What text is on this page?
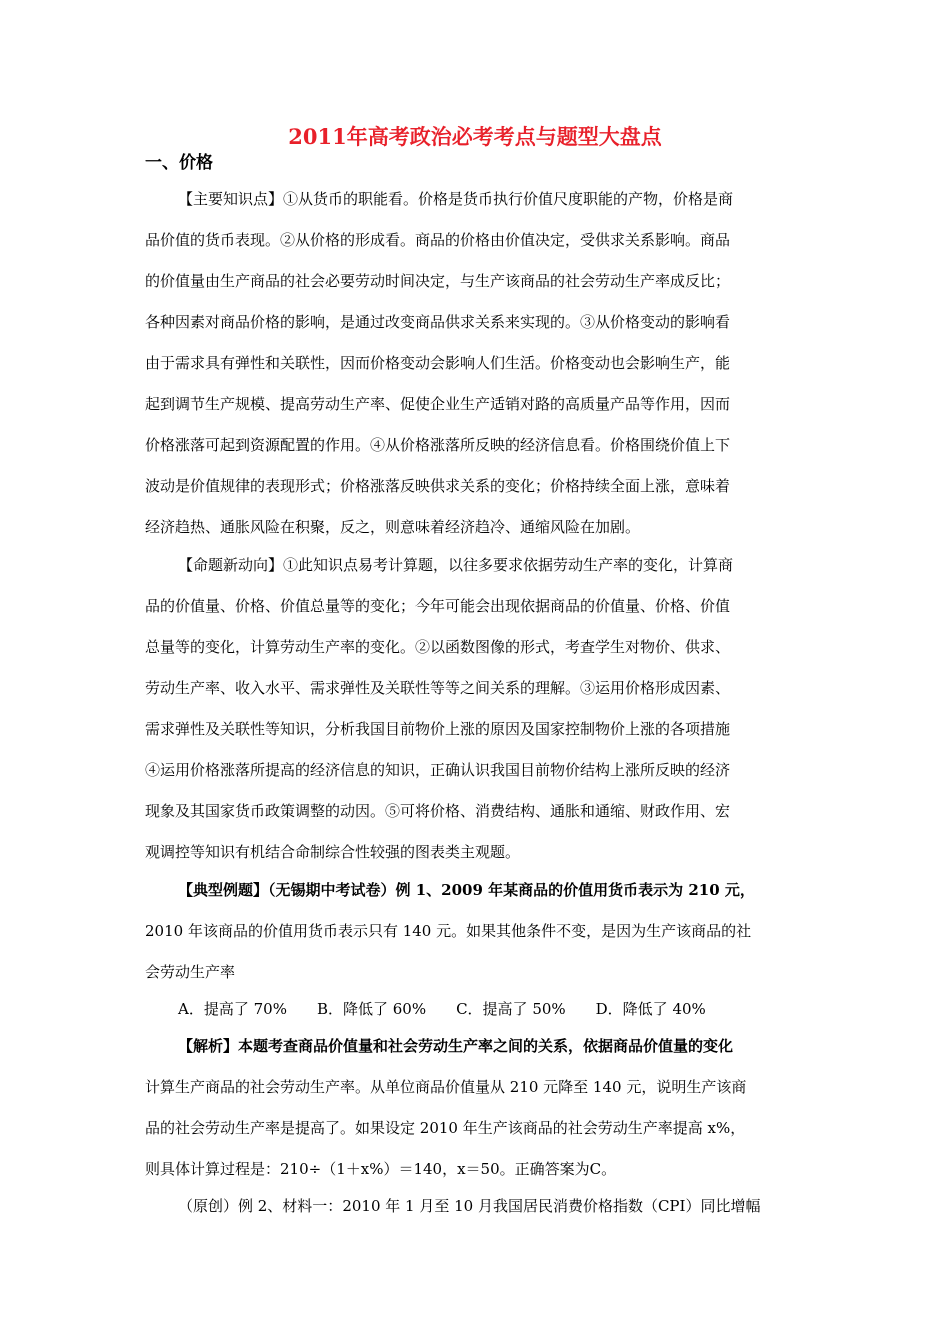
2011年高考政治必考考点与题型大盘点
一、价格
【主要知识点】①从货币的职能看。价格是货币执行价值尺度职能的产物，价格是商
品价值的货币表现。②从价格的形成看。商品的价格由价值决定，受供求关系影响。商品
的价值量由生产商品的社会必要劳动时间决定，与生产该商品的社会劳动生产率成反比；
各种因素对商品价格的影响，是通过改变商品供求关系来实现的。③从价格变动的影响看
由于需求具有弹性和关联性，因而价格变动会影响人们生活。价格变动也会影响生产，能
起到调节生产规模、提高劳动生产率、促使企业生产适销对路的高质量产品等作用，因而
价格涨落可起到资源配置的作用。④从价格涨落所反映的经济信息看。价格围绕价值上下
波动是价值规律的表现形式；价格涨落反映供求关系的变化；价格持续全面上涨，意味着
经济趋热、通胀风险在积聚，反之，则意味着经济趋冷、通缩风险在加剧。
【命题新动向】①此知识点易考计算题，以往多要求依据劳动生产率的变化，计算商
品的价值量、价格、价值总量等的变化；今年可能会出现依据商品的价值量、价格、价值
总量等的变化，计算劳动生产率的变化。②以函数图像的形式，考查学生对物价、供求、
劳动生产率、收入水平、需求弹性及关联性等等之间关系的理解。③运用价格形成因素、
需求弹性及关联性等知识，分析我国目前物价上涨的原因及国家控制物价上涨的各项措施
④运用价格涨落所提高的经济信息的知识，正确认识我国目前物价结构上涨所反映的经济
现象及其国家货币政策调整的动因。⑤可将价格、消费结构、通胀和通缩、财政作用、宏
观调控等知识有机结合命制综合性较强的图表类主观题。
【典型例题】（无锡期中考试卷）例 1、2009 年某商品的价值用货币表示为 210 元，
2010 年该商品的价值用货币表示只有 140 元。如果其他条件不变，是因为生产该商品的社
会劳动生产率
A．提高了 70%　　B．降低了 60%　　C．提高了 50%　　D．降低了 40%
【解析】本题考查商品价值量和社会劳动生产率之间的关系，依据商品价值量的变化
计算生产商品的社会劳动生产率。从单位商品价值量从 210 元降至 140 元，说明生产该商
品的社会劳动生产率是提高了。如果设定 2010 年生产该商品的社会劳动生产率提高 x%，
则具体计算过程是：210÷（1＋x%）＝140，x＝50。正确答案为C。
（原创）例 2、材料一：2010 年 1 月至 10 月我国居民消费价格指数（CPI）同比增幅
